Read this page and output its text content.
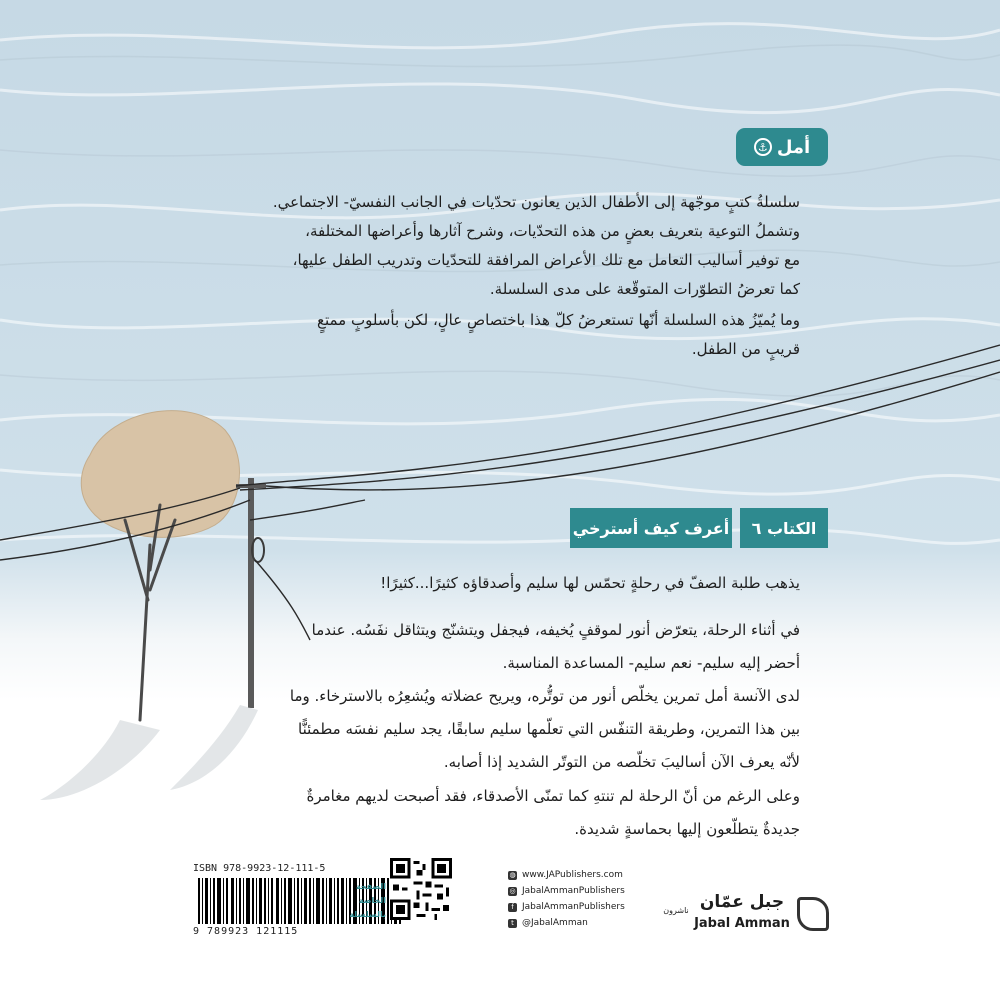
أمل
⚓
سلسلةُ كتبٍ موجّهة إلى الأطفال الذين يعانون تحدّيات في الجانب النفسيّ- الاجتماعي.
وتشملُ التوعية بتعريف بعضٍ من هذه التحدّيات، وشرح آثارها وأعراضها المختلفة،
مع توفير أساليب التعامل مع تلك الأعراض المرافقة للتحدّيات وتدريب الطفل عليها،
كما تعرضُ التطوّرات المتوقّعة على مدى السلسلة.
وما يُميّزُ هذه السلسلة أنّها تستعرضُ كلّ هذا باختصاصٍ عالٍ، لكن بأسلوبٍ ممتعٍ
قريبٍ من الطفل.
الكتاب ٦
أعرف كيف أسترخي
يذهب طلبة الصفّ في رحلةٍ تحمّس لها سليم وأصدقاؤه كثيرًا...كثيرًا!
في أثناء الرحلة، يتعرّض أنور لموقفٍ يُخيفه، فيجفل ويتشنّج ويتثاقل نفَسُه. عندما
أحضر إليه سليم- نعم سليم- المساعدة المناسبة.
لدى الآنسة أمل تمرين يخلّص أنور من توتُّره، ويريح عضلاته ويُشعِرُه بالاسترخاء. وما
بين هذا التمرين، وطريقة التنفّس التي تعلّمها سليم سابقًا، يجد سليم نفسَه مطمئنًّا
لأنّه يعرف الآن أساليبَ تخلّصه من التوتّر الشديد إذا أصابه.
وعلى الرغم من أنّ الرحلة لم تنتهِ كما تمنّى الأصدقاء، فقد أصبحت لديهم مغامرةٌ
جديدةٌ يتطلّعون إليها بحماسةٍ شديدة.
ISBN 978-9923-12-111-5
9 789923 121115
الصفحة
الخاصة
بالسلسلة
◍ www.JAPublishers.com
◎ JabalAmmanPublishers
f JabalAmmanPublishers
t @JabalAmman
جبل عمّان
Jabal Amman
ناشرون
